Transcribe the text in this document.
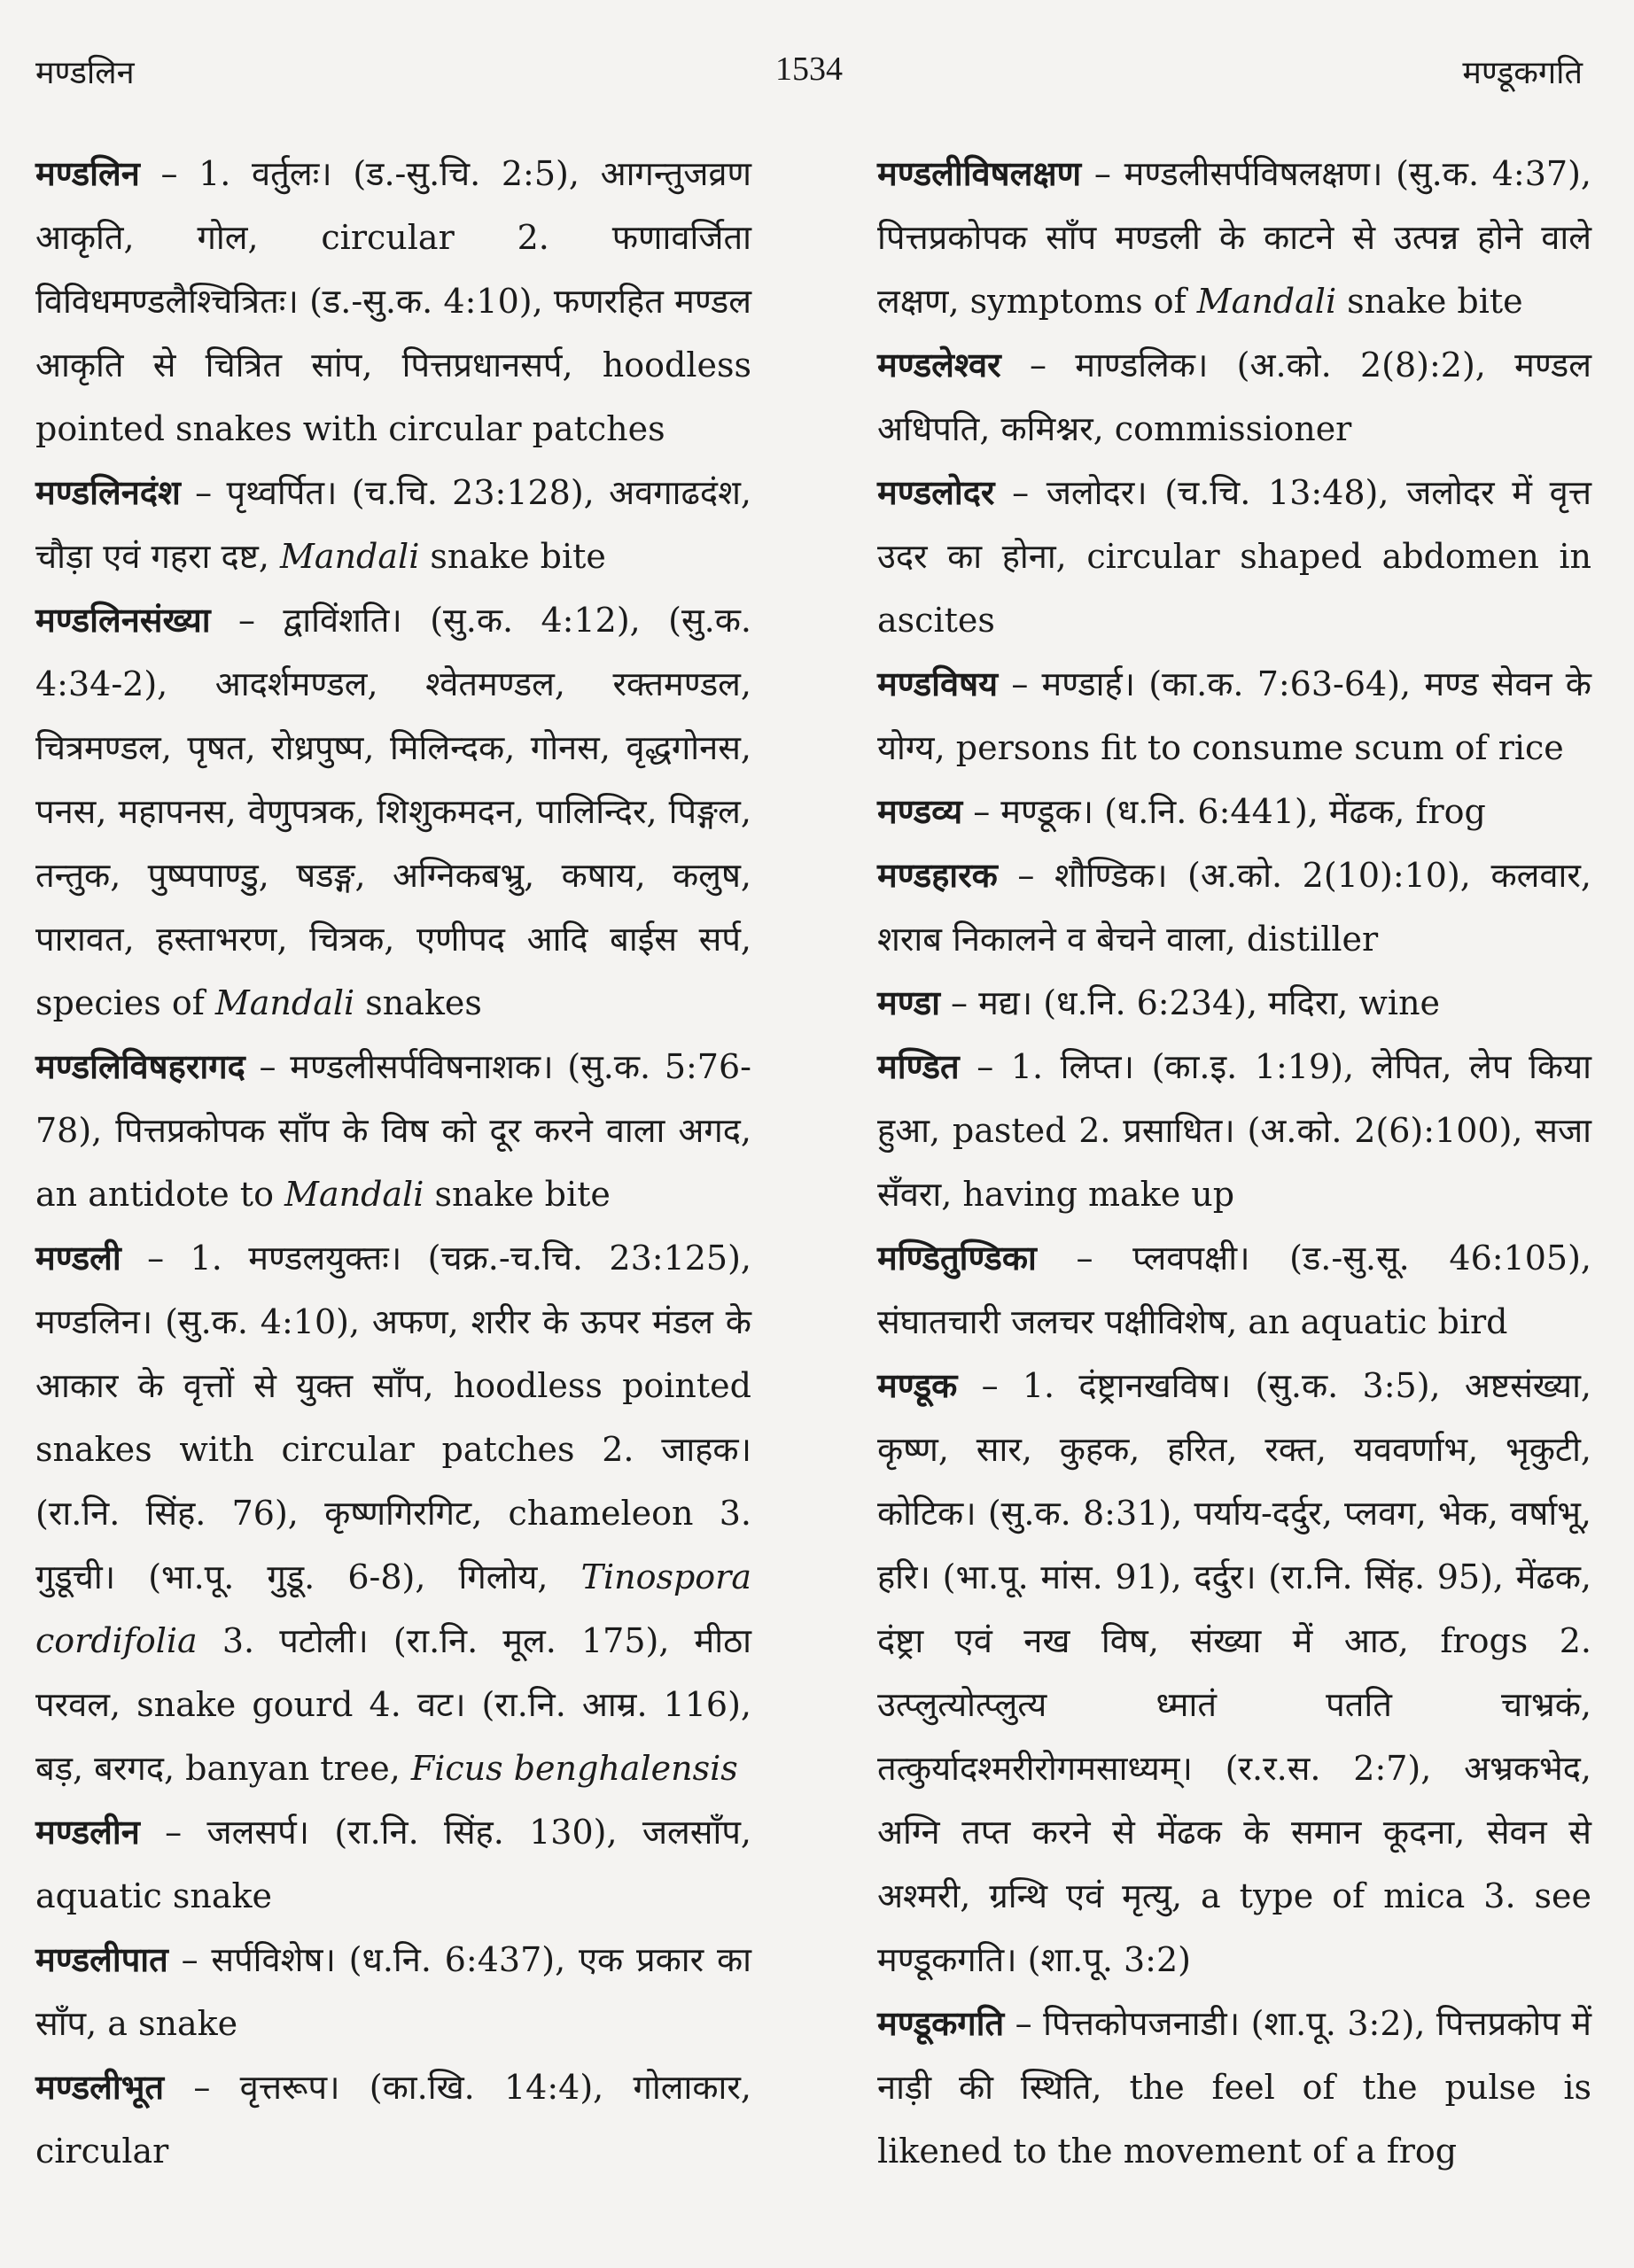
मण्डलिन	1534	मण्डूकगति

मण्डलिन – 1. वर्तुलः। (ड.-सु.चि. 2:5), आगन्तुजव्रण आकृति, गोल, circular 2. फणावर्जिता विविधमण्डलैश्चित्रितः। (ड.-सु.क. 4:10), फणरहित मण्डल आकृति से चित्रित सांप, पित्तप्रधानसर्प, hoodless pointed snakes with circular patches

मण्डलिनदंश – पृथ्वर्पित। (च.चि. 23:128), अवगाढदंश, चौड़ा एवं गहरा दष्ट, Mandali snake bite

मण्डलिनसंख्या – द्वाविंशति। (सु.क. 4:12), (सु.क. 4:34-2), आदर्शमण्डल, श्वेतमण्डल, रक्तमण्डल, चित्रमण्डल, पृषत, रोध्रपुष्प, मिलिन्दक, गोनस, वृद्धगोनस, पनस, महापनस, वेणुपत्रक, शिशुकमदन, पालिन्दिर, पिङ्गल, तन्तुक, पुष्पपाण्डु, षडङ्ग, अग्निकबभ्रु, कषाय, कलुष, पारावत, हस्ताभरण, चित्रक, एणीपद आदि बाईस सर्प, species of Mandali snakes

मण्डलिविषहरागद – मण्डलीसर्पविषनाशक। (सु.क. 5:76-78), पित्तप्रकोपक साँप के विष को दूर करने वाला अगद, an antidote to Mandali snake bite

मण्डली – 1. मण्डलयुक्तः। (चक्र.-च.चि. 23:125), मण्डलिन। (सु.क. 4:10), अफण, शरीर के ऊपर मंडल के आकार के वृत्तों से युक्त साँप, hoodless pointed snakes with circular patches 2. जाहक। (रा.नि. सिंह. 76), कृष्णगिरगिट, chameleon 3. गुडूची। (भा.पू. गुडू. 6-8), गिलोय, Tinospora cordifolia 3. पटोली। (रा.नि. मूल. 175), मीठा परवल, snake gourd 4. वट। (रा.नि. आम्र. 116), बड़, बरगद, banyan tree, Ficus benghalensis

मण्डलीन – जलसर्प। (रा.नि. सिंह. 130), जलसाँप, aquatic snake

मण्डलीपात – सर्पविशेष। (ध.नि. 6:437), एक प्रकार का साँप, a snake

मण्डलीभूत – वृत्तरूप। (का.खि. 14:4), गोलाकार, circular

मण्डलीविषलक्षण – मण्डलीसर्पविषलक्षण। (सु.क. 4:37), पित्तप्रकोपक साँप मण्डली के काटने से उत्पन्न होने वाले लक्षण, symptoms of Mandali snake bite

मण्डलेश्वर – माण्डलिक। (अ.को. 2(8):2), मण्डल अधिपति, कमिश्नर, commissioner

मण्डलोदर – जलोदर। (च.चि. 13:48), जलोदर में वृत्त उदर का होना, circular shaped abdomen in ascites

मण्डविषय – मण्डार्ह। (का.क. 7:63-64), मण्ड सेवन के योग्य, persons fit to consume scum of rice

मण्डव्य – मण्डूक। (ध.नि. 6:441), मेंढक, frog

मण्डहारक – शौण्डिक। (अ.को. 2(10):10), कलवार, शराब निकालने व बेचने वाला, distiller

मण्डा – मद्य। (ध.नि. 6:234), मदिरा, wine

मण्डित – 1. लिप्त। (का.इ. 1:19), लेपित, लेप किया हुआ, pasted 2. प्रसाधित। (अ.को. 2(6):100), सजा सँवरा, having make up

मण्डितुण्डिका – प्लवपक्षी। (ड.-सु.सू. 46:105), संघातचारी जलचर पक्षीविशेष, an aquatic bird

मण्डूक – 1. दंष्ट्रानखविष। (सु.क. 3:5), अष्टसंख्या, कृष्ण, सार, कुहक, हरित, रक्त, यववर्णाभ, भृकुटी, कोटिक। (सु.क. 8:31), पर्याय-दर्दुर, प्लवग, भेक, वर्षाभू, हरि। (भा.पू. मांस. 91), दर्दुर। (रा.नि. सिंह. 95), मेंढक, दंष्ट्रा एवं नख विष, संख्या में आठ, frogs 2. उत्प्लुत्योत्प्लुत्य ध्मातं पतति चाभ्रकं, तत्कुर्यादश्मरीरोगमसाध्यम्। (र.र.स. 2:7), अभ्रकभेद, अग्नि तप्त करने से मेंढक के समान कूदना, सेवन से अश्मरी, ग्रन्थि एवं मृत्यु, a type of mica 3. see मण्डूकगति। (शा.पू. 3:2)

मण्डूकगति – पित्तकोपजनाडी। (शा.पू. 3:2), पित्तप्रकोप में नाड़ी की स्थिति, the feel of the pulse is likened to the movement of a frog
